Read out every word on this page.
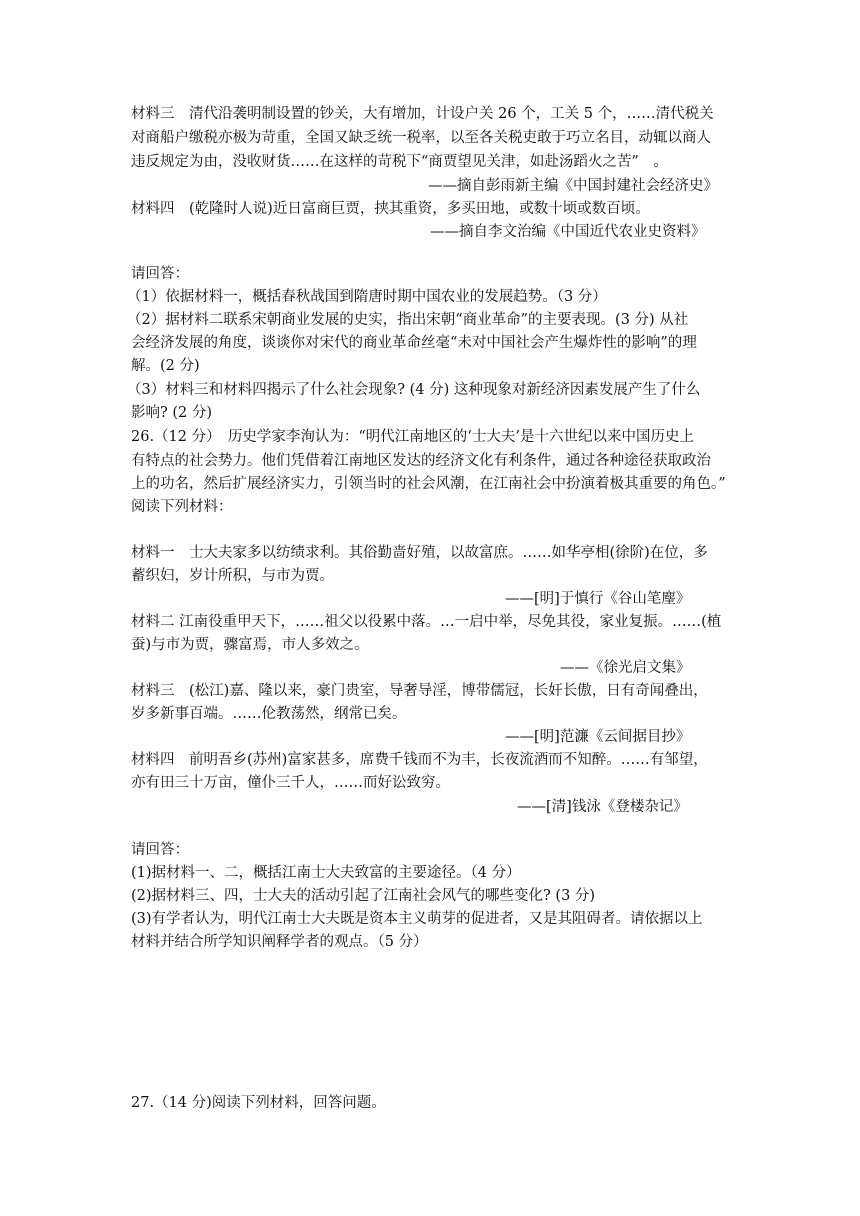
材料三　清代沿袭明制设置的钞关，大有增加，计设户关 26 个，工关 5 个，……清代税关
对商船户缴税亦极为苛重，全国又缺乏统一税率，以至各关税吏敢于巧立名目，动辄以商人
违反规定为由，没收财货……在这样的苛税下“商贾望见关津，如赴汤蹈火之苦”　。
——摘自彭雨新主编《中国封建社会经济史》
材料四　(乾隆时人说)近日富商巨贾，挟其重资，多买田地，或数十顷或数百顷。
——摘自李文治编《中国近代农业史资料》
请回答：
（1）依据材料一，概括春秋战国到隋唐时期中国农业的发展趋势。（3 分）
（2）据材料二联系宋朝商业发展的史实，指出宋朝“商业革命”的主要表现。(3 分) 从社
会经济发展的角度，谈谈你对宋代的商业革命丝毫“未对中国社会产生爆炸性的影响”的理
解。(2 分)
（3）材料三和材料四揭示了什么社会现象? (4 分) 这种现象对新经济因素发展产生了什么
影响? (2 分)
26.（12 分）　历史学家李洵认为：“明代江南地区的‘士大夫’是十六世纪以来中国历史上
有特点的社会势力。他们凭借着江南地区发达的经济文化有利条件，通过各种途径获取政治
上的功名，然后扩展经济实力，引领当时的社会风潮，在江南社会中扮演着极其重要的角色。”
阅读下列材料：
材料一　士大夫家多以纺绩求利。其俗勤啬好殖，以故富庶。……如华亭相(徐阶)在位，多
蓄织妇，岁计所积，与市为贾。
——[明]于慎行《谷山笔麈》
材料二 江南役重甲天下，……祖父以役累中落。…一启中举，尽免其役，家业复振。……(植
蚕)与市为贾，骤富焉，市人多效之。
——《徐光启文集》
材料三　(松江)嘉、隆以来，豪门贵室，导奢导淫，博带儒冠，长奸长傲，日有奇闻叠出，
岁多新事百端。……伦教荡然，纲常已矣。
——[明]范濂《云间据目抄》
材料四　前明吾乡(苏州)富家甚多，席费千钱而不为丰，长夜流酒而不知醉。……有邹望，
亦有田三十万亩，僮仆三千人，……而好讼致穷。
——[清]钱泳《登楼杂记》
请回答：
(1)据材料一、二，概括江南士大夫致富的主要途径。（4 分）
(2)据材料三、四，士大夫的活动引起了江南社会风气的哪些变化? (3 分)
(3)有学者认为，明代江南士大夫既是资本主义萌芽的促进者，又是其阻碍者。请依据以上
材料并结合所学知识阐释学者的观点。（5 分）
27.（14 分)阅读下列材料，回答问题。
